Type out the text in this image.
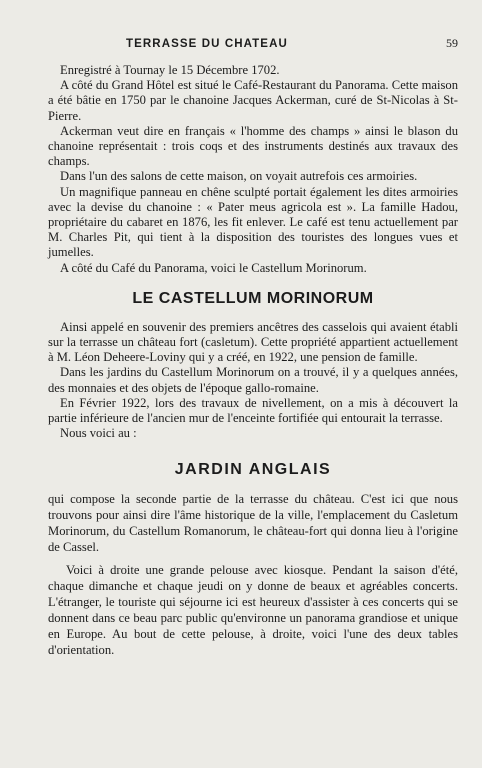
TERRASSE DU CHATEAU	59

Enregistré à Tournay le 15 Décembre 1702.

A côté du Grand Hôtel est situé le Café-Restaurant du Panorama. Cette maison a été bâtie en 1750 par le chanoine Jacques Ackerman, curé de St-Nicolas à St-Pierre.

Ackerman veut dire en français « l'homme des champs » ainsi le blason du chanoine représentait : trois coqs et des instruments destinés aux travaux des champs.

Dans l'un des salons de cette maison, on voyait autrefois ces armoiries.

Un magnifique panneau en chêne sculpté portait également les dites armoiries avec la devise du chanoine : « Pater meus agricola est ». La famille Hadou, propriétaire du cabaret en 1876, les fit enlever. Le café est tenu actuellement par M. Charles Pit, qui tient à la disposition des touristes des longues vues et jumelles.

A côté du Café du Panorama, voici le Castellum Morinorum.

LE CASTELLUM MORINORUM

Ainsi appelé en souvenir des premiers ancêtres des casselois qui avaient établi sur la terrasse un château fort (casletum). Cette propriété appartient actuellement à M. Léon Deheere-Loviny qui y a créé, en 1922, une pension de famille.

Dans les jardins du Castellum Morinorum on a trouvé, il y a quelques années, des monnaies et des objets de l'époque gallo-romaine.

En Février 1922, lors des travaux de nivellement, on a mis à découvert la partie inférieure de l'ancien mur de l'enceinte fortifiée qui entourait la terrasse.

Nous voici au :

JARDIN ANGLAIS

qui compose la seconde partie de la terrasse du château. C'est ici que nous trouvons pour ainsi dire l'âme historique de la ville, l'emplacement du Casletum Morinorum, du Castellum Romanorum, le château-fort qui donna lieu à l'origine de Cassel.

Voici à droite une grande pelouse avec kiosque. Pendant la saison d'été, chaque dimanche et chaque jeudi on y donne de beaux et agréables concerts. L'étranger, le touriste qui séjourne ici est heureux d'assister à ces concerts qui se donnent dans ce beau parc public qu'environne un panorama grandiose et unique en Europe. Au bout de cette pelouse, à droite, voici l'une des deux tables d'orientation.
